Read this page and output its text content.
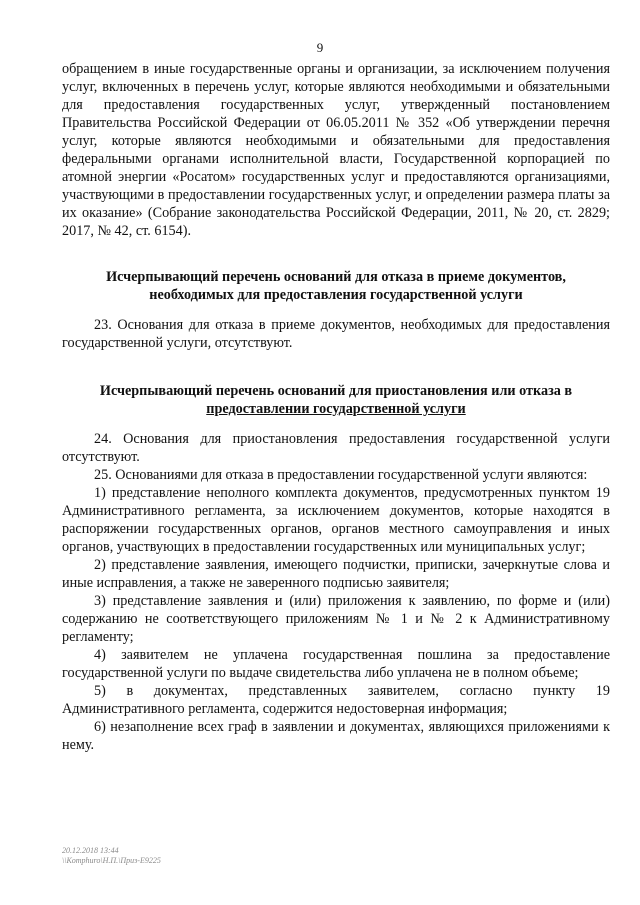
9

обращением в иные государственные органы и организации, за исключением получения услуг, включенных в перечень услуг, которые являются необходимыми и обязательными для предоставления государственных услуг, утвержденный постановлением Правительства Российской Федерации от 06.05.2011 № 352 «Об утверждении перечня услуг, которые являются необходимыми и обязательными для предоставления федеральными органами исполнительной власти, Государственной корпорацией по атомной энергии «Росатом» государственных услуг и предоставляются организациями, участвующими в предоставлении государственных услуг, и определении размера платы за их оказание» (Собрание законодательства Российской Федерации, 2011, № 20, ст. 2829; 2017, № 42, ст. 6154).

Исчерпывающий перечень оснований для отказа в приеме документов,
необходимых для предоставления государственной услуги

23. Основания для отказа в приеме документов, необходимых для предоставления государственной услуги, отсутствуют.

Исчерпывающий перечень оснований для приостановления или отказа в
предоставлении государственной услуги

24. Основания для приостановления предоставления государственной услуги отсутствуют.

25. Основаниями для отказа в предоставлении государственной услуги являются:

1) представление неполного комплекта документов, предусмотренных пунктом 19 Административного регламента, за исключением документов, которые находятся в распоряжении государственных органов, органов местного самоуправления и иных органов, участвующих в предоставлении государственных или муниципальных услуг;

2) представление заявления, имеющего подчистки, приписки, зачеркнутые слова и иные исправления, а также не заверенного подписью заявителя;

3) представление заявления и (или) приложения к заявлению, по форме и (или) содержанию не соответствующего приложениям № 1 и № 2 к Административному регламенту;

4) заявителем не уплачена государственная пошлина за предоставление государственной услуги по выдаче свидетельства либо уплачена не в полном объеме;

5) в документах, представленных заявителем, согласно пункту 19 Административного регламента, содержится недостоверная информация;

6) незаполнение всех граф в заявлении и документах, являющихся приложениями к нему.

20.12.2018 13:44
\\Komphuro\Н.П.\Приз-Е9225
